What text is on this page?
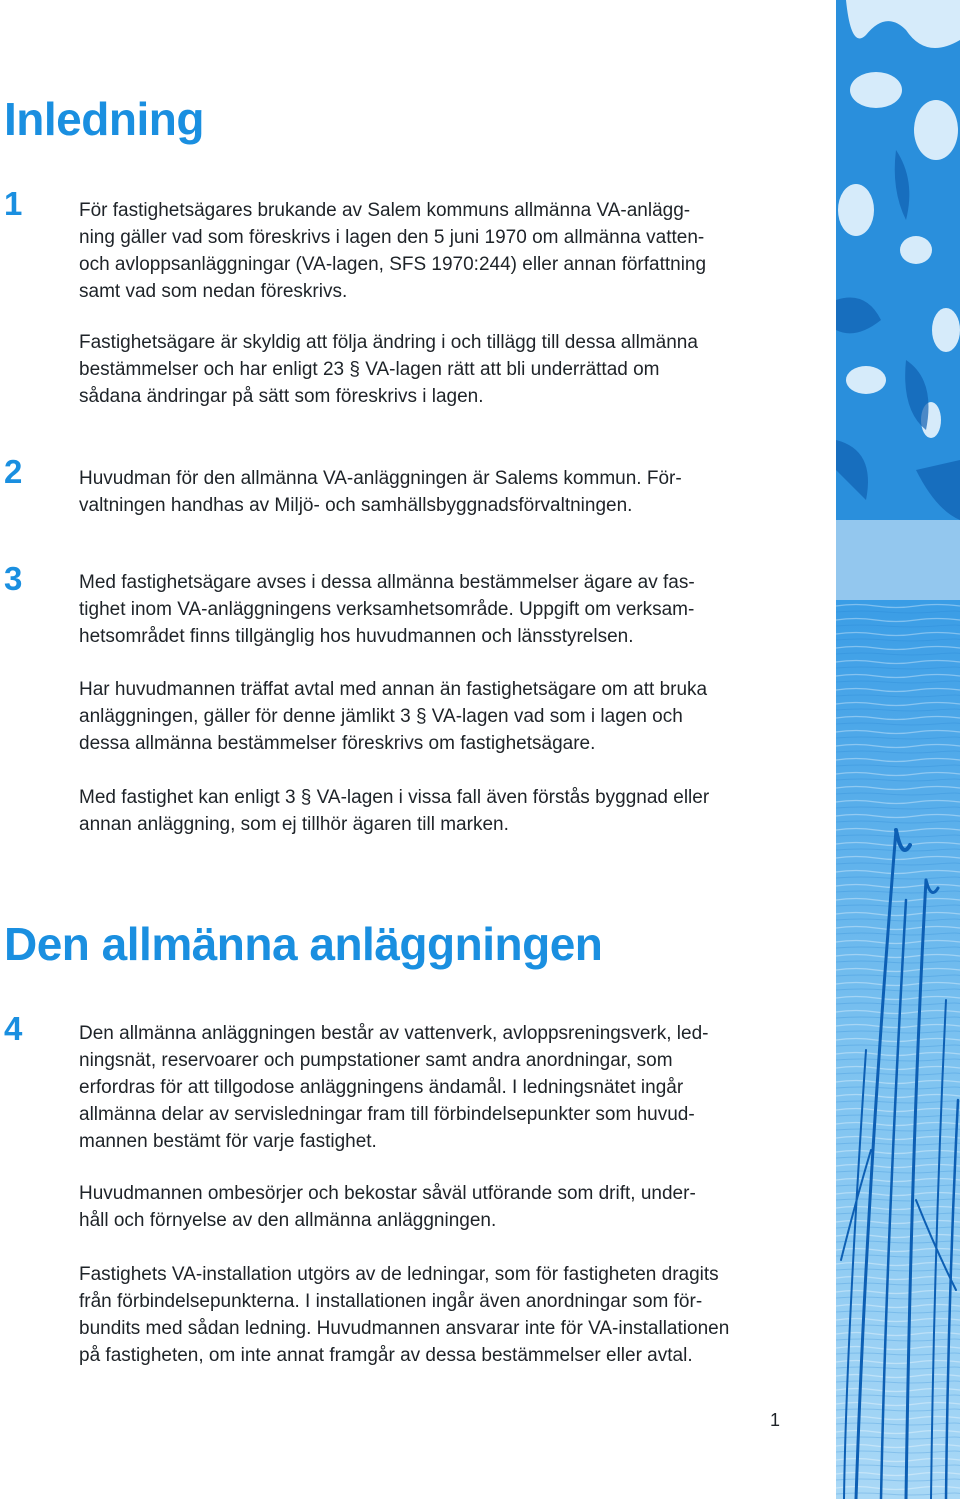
Inledning
1	För fastighetsägares brukande av Salem kommuns allmänna VA-anlägg-
ning gäller vad som föreskrivs i lagen den 5 juni 1970 om allmänna vatten-
och avloppsanläggningar (VA-lagen, SFS 1970:244) eller annan författning
samt vad som nedan föreskrivs.

Fastighetsägare är skyldig att följa ändring i och tillägg till dessa allmänna
bestämmelser och har enligt 23 § VA-lagen rätt att bli underrättad om
sådana ändringar på sätt som föreskrivs i lagen.

2	Huvudman för den allmänna VA-anläggningen är Salems kommun. För-
valtningen handhas av Miljö- och samhällsbyggnadsförvaltningen.

3	Med fastighetsägare avses i dessa allmänna bestämmelser ägare av fas-
tighet inom VA-anläggningens verksamhetsområde. Uppgift om verksam-
hetsområdet finns tillgänglig hos huvudmannen och länsstyrelsen.

Har huvudmannen träffat avtal med annan än fastighetsägare om att bruka
anläggningen, gäller för denne jämlikt 3 § VA-lagen vad som i lagen och
dessa allmänna bestämmelser föreskrivs om fastighetsägare.

Med fastighet kan enligt 3 § VA-lagen i vissa fall även förstås byggnad eller
annan anläggning, som ej tillhör ägaren till marken.

Den allmänna anläggningen
4	Den allmänna anläggningen består av vattenverk, avloppsreningsverk, led-
ningsnät, reservoarer och pumpstationer samt andra anordningar, som
erfordras för att tillgodose anläggningens ändamål. I ledningsnätet ingår
allmänna delar av servisledningar fram till förbindelsepunkter som huvud-
mannen bestämt för varje fastighet.

Huvudmannen ombesörjer och bekostar såväl utförande som drift, under-
håll och förnyelse av den allmänna anläggningen.

Fastighets VA-installation utgörs av de ledningar, som för fastigheten dragits
från förbindelsepunkterna. I installationen ingår även anordningar som för-
bundits med sådan ledning. Huvudmannen ansvarar inte för VA-installationen
på fastigheten, om inte annat framgår av dessa bestämmelser eller avtal.

1
